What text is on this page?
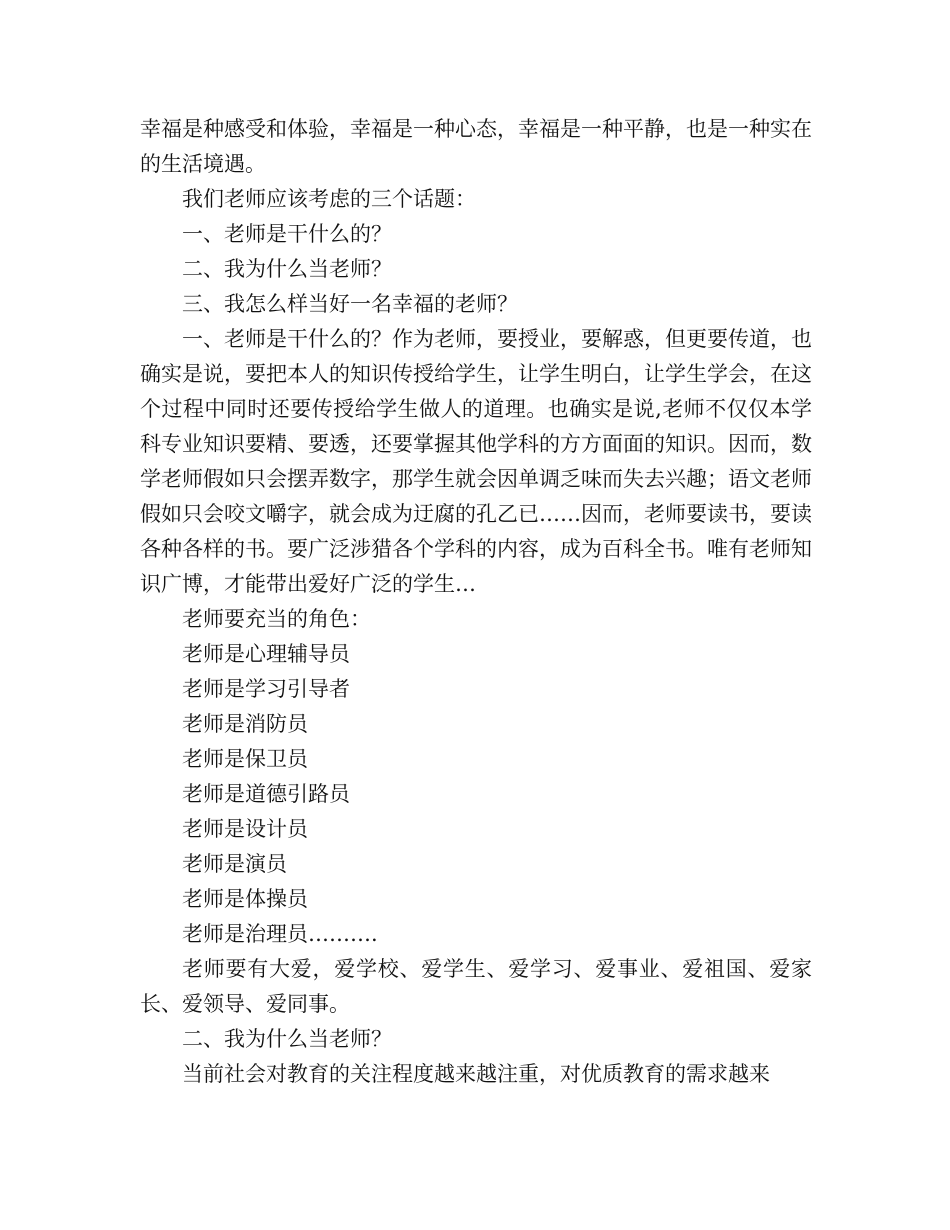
幸福是种感受和体验，幸福是一种心态，幸福是一种平静，也是一种实在的生活境遇。

我们老师应该考虑的三个话题：

一、老师是干什么的？

二、我为什么当老师？

三、我怎么样当好一名幸福的老师？

一、老师是干什么的？作为老师，要授业，要解惑，但更要传道，也确实是说，要把本人的知识传授给学生，让学生明白，让学生学会，在这个过程中同时还要传授给学生做人的道理。也确实是说,老师不仅仅本学科专业知识要精、要透，还要掌握其他学科的方方面面的知识。因而，数学老师假如只会摆弄数字，那学生就会因单调乏味而失去兴趣；语文老师假如只会咬文嚼字，就会成为迂腐的孔乙已……因而，老师要读书，要读各种各样的书。要广泛涉猎各个学科的内容，成为百科全书。唯有老师知识广博，才能带出爱好广泛的学生…

老师要充当的角色：

老师是心理辅导员

老师是学习引导者

老师是消防员

老师是保卫员

老师是道德引路员

老师是设计员

老师是演员

老师是体操员

老师是治理员……….

老师要有大爱，爱学校、爱学生、爱学习、爱事业、爱祖国、爱家长、爱领导、爱同事。

二、我为什么当老师？

当前社会对教育的关注程度越来越注重，对优质教育的需求越来
